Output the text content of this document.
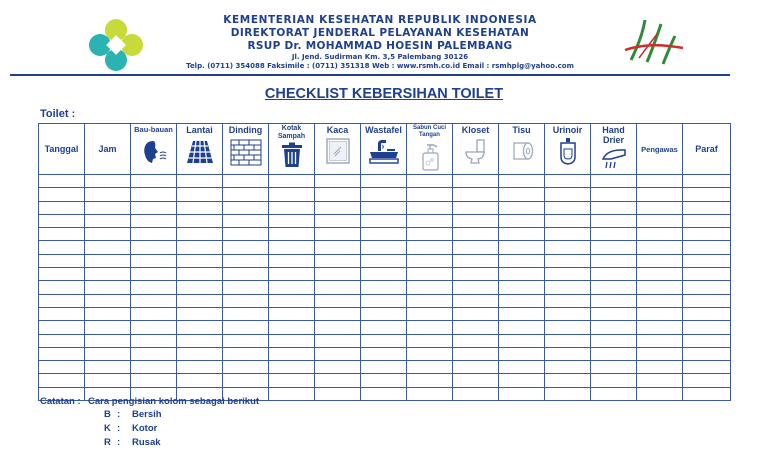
KEMENTERIAN KESEHATAN REPUBLIK INDONESIA
DIREKTORAT JENDERAL PELAYANAN KESEHATAN
RSUP Dr. MOHAMMAD HOESIN PALEMBANG
Jl. Jend. Sudirman Km. 3,5 Palembang 30126
Telp. (0711) 354088 Faksimile : (0711) 351318 Web : www.rsmh.co.id Email : rsmhplg@yahoo.com
CHECKLIST KEBERSIHAN TOILET
Toilet :
Tanggal	Jam	Bau-bauan	Lantai	Dinding	Kotak Sampah	Kaca	Wastafel	Sabun Cuci Tangan	Kloset	Tisu	Urinoir	Hand Drier	Pengawas	Paraf

Catatan : Cara pengisian kolom sebagai berikut
B : Bersih
K : Kotor
R : Rusak
